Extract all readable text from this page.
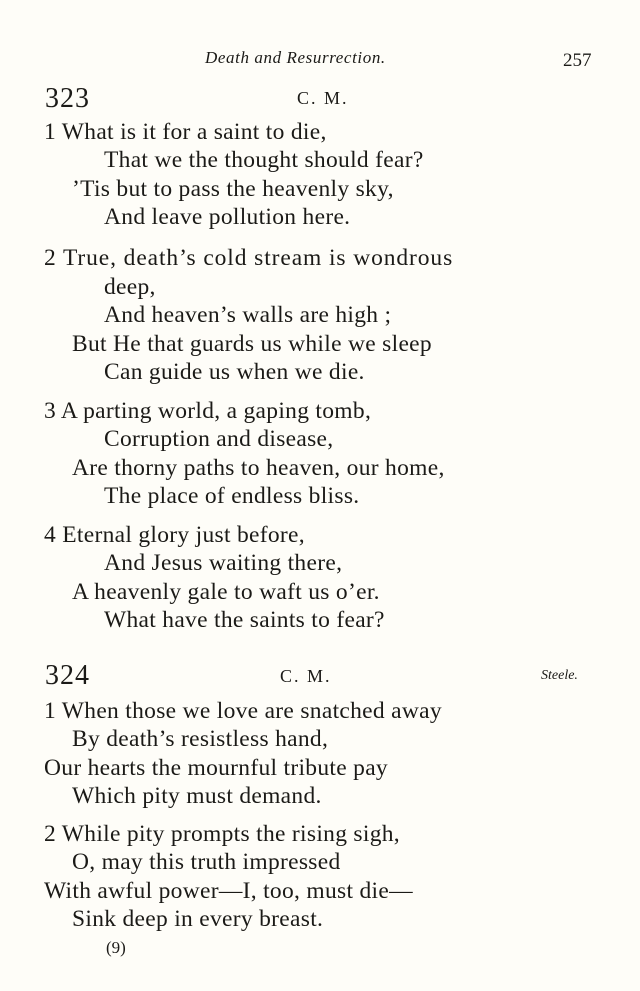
Death and Resurrection.	257
323	C. M.
1 What is it for a saint to die,
That we the thought should fear?
’Tis but to pass the heavenly sky,
And leave pollution here.
2 True, death’s cold stream is wondrous
deep,
And heaven’s walls are high ;
But He that guards us while we sleep
Can guide us when we die.
3 A parting world, a gaping tomb,
Corruption and disease,
Are thorny paths to heaven, our home,
The place of endless bliss.
4 Eternal glory just before,
And Jesus waiting there,
A heavenly gale to waft us o’er.
What have the saints to fear?
324	C. M.	Steele.
1 When those we love are snatched away
By death’s resistless hand,
Our hearts the mournful tribute pay
Which pity must demand.
2 While pity prompts the rising sigh,
O, may this truth impressed
With awful power—I, too, must die—
Sink deep in every breast.
(9)
